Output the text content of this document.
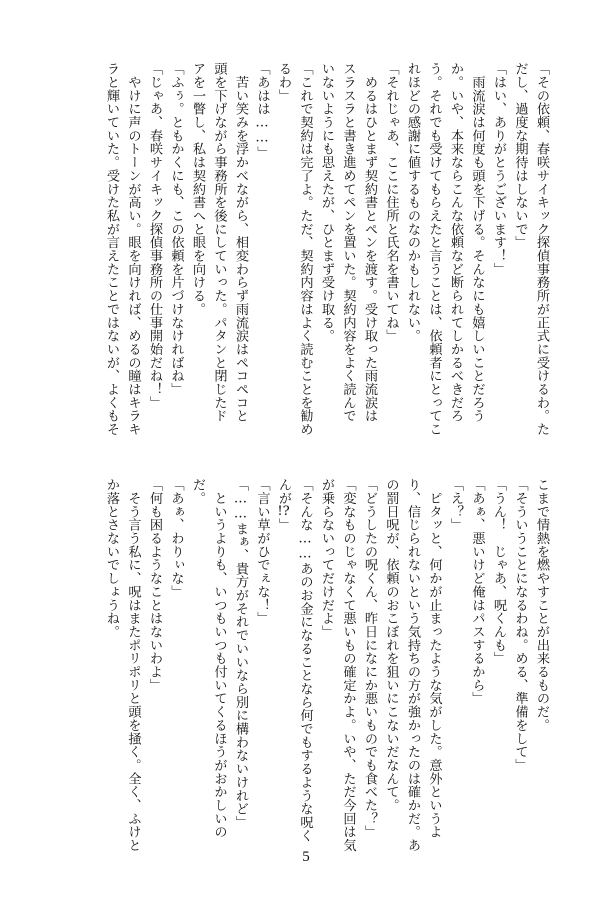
「その依頼、春咲サイキック探偵事務所が正式に受けるわ。た
だし、過度な期待はしないで」
「はい、ありがとうございます！」
　雨流涙は何度も頭を下げる。そんなにも嬉しいことだろう
か。いや、本来ならこんな依頼など断られてしかるべきだろ
う。それでも受けてもらえたと言うことは、依頼者にとってこ
れほどの感謝に値するものなのかもしれない。
「それじゃあ、ここに住所と氏名を書いてね」
　めるはひとまず契約書とペンを渡す。受け取った雨流涙は
スラスラと書き進めてペンを置いた。契約内容をよく読んで
いないようにも思えたが、ひとまず受け取る。
「これで契約は完了よ。ただ、契約内容はよく読むことを勧め
るわ」
「あはは……」
　苦い笑みを浮かべながら、相変わらず雨流涙はペコペコと
頭を下げながら事務所を後にしていった。パタンと閉じたド
アを一瞥し、私は契約書へと眼を向ける。
「ふぅ。ともかくにも、この依頼を片づけなければね」
「じゃあ、春咲サイキック探偵事務所の仕事開始だね！」
　やけに声のトーンが高い。眼を向ければ、めるの瞳はキラキ
ラと輝いていた。受けた私が言えたことではないが、よくもそ
こまで情熱を燃やすことが出来るものだ。
「そういうことになるわね。める、準備をして」
「うん！　じゃあ、呪くんも」
「あぁ、悪いけど俺はパスするから」
「え？」
　ピタッと、何かが止まったような気がした。意外というよ
り、信じられないという気持ちの方が強かったのは確かだ。あ
の罰日呪が、依頼のおこぼれを狙いにこないだなんて。
「どうしたの呪くん、昨日になにか悪いものでも食べた？」
「変なものじゃなくて悪いもの確定かよ。いや、ただ今回は気
が乗らないってだけだよ」
「そんな……あのお金になることなら何でもするような呪く
んが!?」
「言い草がひでぇな！」
「……まぁ、貴方がそれでいいなら別に構わないけれど」
　というよりも、いつもいつも付いてくるほうがおかしいの
だ。
「あぁ、わりぃな」
「何も困るようなことはないわよ」
　そう言う私に、呪はまたポリポリと頭を掻く。全く、ふけと
か落とさないでしょうね。
5
